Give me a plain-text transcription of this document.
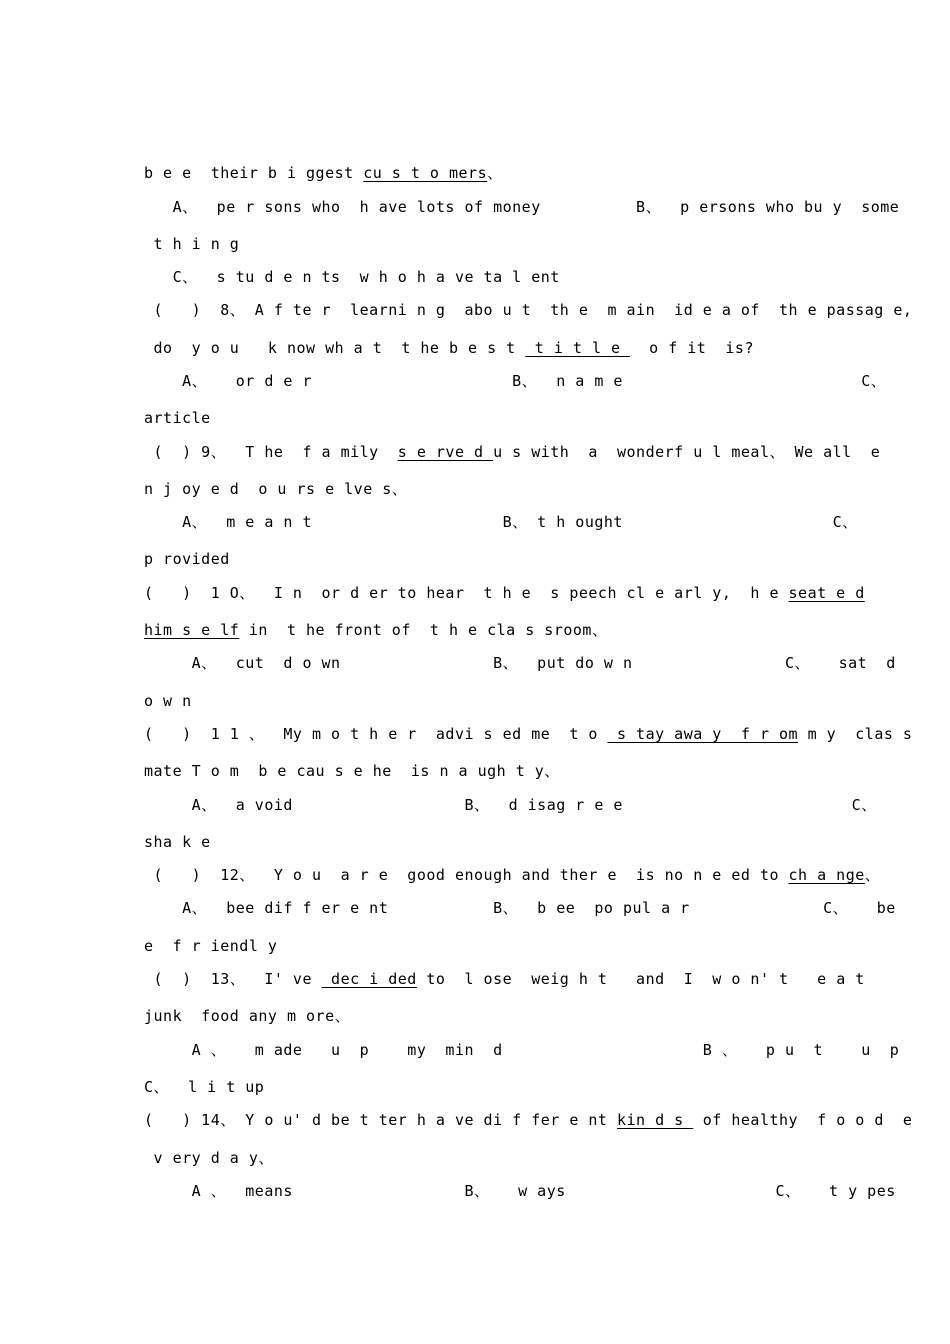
b e e  their b i ggest cu s t o mers、
A、  pe r sons who  h ave lots of money          B、  p ersons who bu y  some
t h i n g
C、  s tu d e n ts  w h o h a ve ta l ent
(   )  8、 A f te r  learni n g  abo u t  th e  m ain  id e a of  th e passag e,
do  y o u   k now wh a t  t he b e s t  t i t l e   o f it  is?
A、   or d e r                     B、  n a m e                         C、
article
(  ) 9、  T he  f a mily  s e rve d u s with  a  wonderf u l meal、 We all  e
n j oy e d  o u rs e lve s、
A、  m e a n t                    B、 t h ought                      C、
p rovided
(   )  1 O、  I n  or d er to hear  t h e  s peech cl e arl y,  h e seat e d
him s e lf in  t he front of  t h e cla s sroom、
A、  cut  d o wn                B、  put do w n                C、   sat  d
o w n
(   )  1 1 、  My m o t h e r  advi s ed me  t o  s tay awa y  f r om m y  clas s
mate T o m  b e cau s e he  is n a ugh t y、
A、  a void                  B、  d isag r e e                        C、
sha k e
(   )  12、  Y o u  a r e  good enough and ther e  is no n e ed to ch a nge、
A、  bee dif f er e nt           B、  b ee  po pul a r              C、   be
e  f r iendl y
(  )  13、  I' ve  dec i ded to  l ose  weig h t   and  I  w o n' t   e a t
junk  food any m ore、
A 、   m ade   u  p    my  min  d                     B 、   p u  t    u  p
C、  l i t up
(   ) 14、 Y o u' d be t ter h a ve di f fer e nt kin d s  of healthy  f o o d  e
v ery d a y、
A 、  means                  B、   w ays                      C、   t y pes
